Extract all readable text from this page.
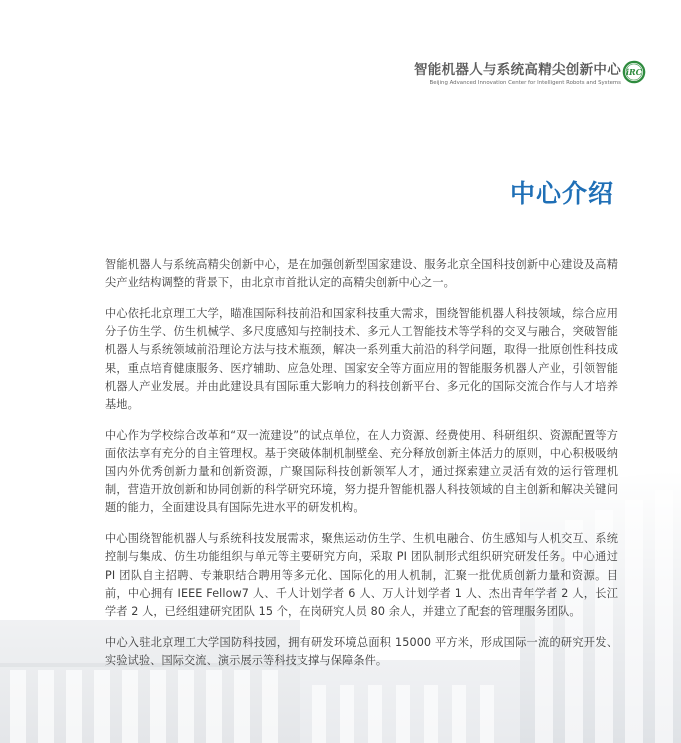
智能机器人与系统高精尖创新中心
Beijing Advanced Innovation Center for Intelligent Robots and Systems
iRC
中心介绍

智能机器人与系统高精尖创新中心，是在加强创新型国家建设、服务北京全国科技创新中心建设及高精尖产业结构调整的背景下，由北京市首批认定的高精尖创新中心之一。

中心依托北京理工大学，瞄准国际科技前沿和国家科技重大需求，围绕智能机器人科技领域，综合应用分子仿生学、仿生机械学、多尺度感知与控制技术、多元人工智能技术等学科的交叉与融合，突破智能机器人与系统领域前沿理论方法与技术瓶颈，解决一系列重大前沿的科学问题，取得一批原创性科技成果，重点培育健康服务、医疗辅助、应急处理、国家安全等方面应用的智能服务机器人产业，引领智能机器人产业发展。并由此建设具有国际重大影响力的科技创新平台、多元化的国际交流合作与人才培养基地。

中心作为学校综合改革和“双一流建设”的试点单位，在人力资源、经费使用、科研组织、资源配置等方面依法享有充分的自主管理权。基于突破体制机制壁垒、充分释放创新主体活力的原则，中心积极吸纳国内外优秀创新力量和创新资源，广聚国际科技创新领军人才，通过探索建立灵活有效的运行管理机制，营造开放创新和协同创新的科学研究环境，努力提升智能机器人科技领域的自主创新和解决关键问题的能力，全面建设具有国际先进水平的研发机构。

中心围绕智能机器人与系统科技发展需求，聚焦运动仿生学、生机电融合、仿生感知与人机交互、系统控制与集成、仿生功能组织与单元等主要研究方向，采取 PI 团队制形式组织研究研发任务。中心通过 PI 团队自主招聘、专兼职结合聘用等多元化、国际化的用人机制，汇聚一批优质创新力量和资源。目前，中心拥有 IEEE Fellow7 人、千人计划学者 6 人、万人计划学者 1 人、杰出青年学者 2 人，长江学者 2 人，已经组建研究团队 15 个，在岗研究人员 80 余人，并建立了配套的管理服务团队。

中心入驻北京理工大学国防科技园，拥有研发环境总面积 15000 平方米，形成国际一流的研究开发、实验试验、国际交流、演示展示等科技支撑与保障条件。
